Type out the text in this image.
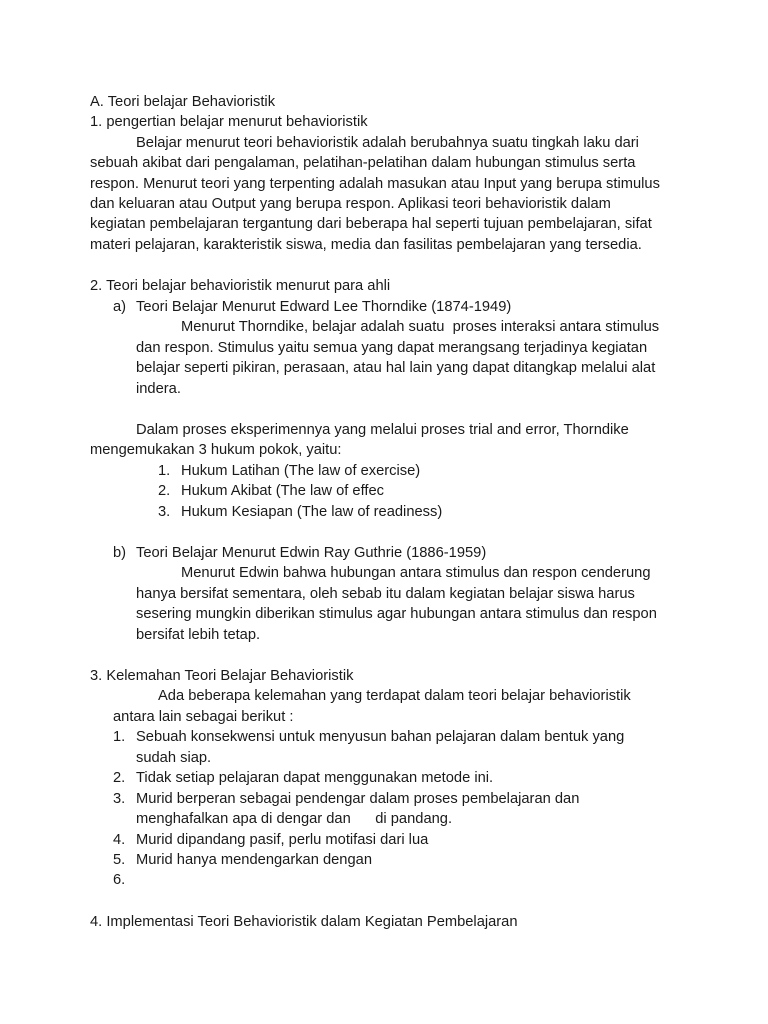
A. Teori belajar Behavioristik
1. pengertian belajar menurut behavioristik
Belajar menurut teori behavioristik adalah berubahnya suatu tingkah laku dari
sebuah akibat dari pengalaman, pelatihan-pelatihan dalam hubungan stimulus serta
respon. Menurut teori yang terpenting adalah masukan atau Input yang berupa stimulus
dan keluaran atau Output yang berupa respon. Aplikasi teori behavioristik dalam
kegiatan pembelajaran tergantung dari beberapa hal seperti tujuan pembelajaran, sifat
materi pelajaran, karakteristik siswa, media dan fasilitas pembelajaran yang tersedia.
2. Teori belajar behavioristik menurut para ahli
a) Teori Belajar Menurut Edward Lee Thorndike (1874-1949)
Menurut Thorndike, belajar adalah suatu  proses interaksi antara stimulus
dan respon. Stimulus yaitu semua yang dapat merangsang terjadinya kegiatan
belajar seperti pikiran, perasaan, atau hal lain yang dapat ditangkap melalui alat
indera.
Dalam proses eksperimennya yang melalui proses trial and error, Thorndike
mengemukakan 3 hukum pokok, yaitu:
1. Hukum Latihan (The law of exercise)
2. Hukum Akibat (The law of effec
3. Hukum Kesiapan (The law of readiness)
b) Teori Belajar Menurut Edwin Ray Guthrie (1886-1959)
Menurut Edwin bahwa hubungan antara stimulus dan respon cenderung
hanya bersifat sementara, oleh sebab itu dalam kegiatan belajar siswa harus
sesering mungkin diberikan stimulus agar hubungan antara stimulus dan respon
bersifat lebih tetap.
3. Kelemahan Teori Belajar Behavioristik
Ada beberapa kelemahan yang terdapat dalam teori belajar behavioristik
antara lain sebagai berikut :
1. Sebuah konsekwensi untuk menyusun bahan pelajaran dalam bentuk yang
sudah siap.
2. Tidak setiap pelajaran dapat menggunakan metode ini.
3. Murid berperan sebagai pendengar dalam proses pembelajaran dan
menghafalkan apa di dengar dan      di pandang.
4. Murid dipandang pasif, perlu motifasi dari lua
5. Murid hanya mendengarkan dengan
6.
4. Implementasi Teori Behavioristik dalam Kegiatan Pembelajaran
